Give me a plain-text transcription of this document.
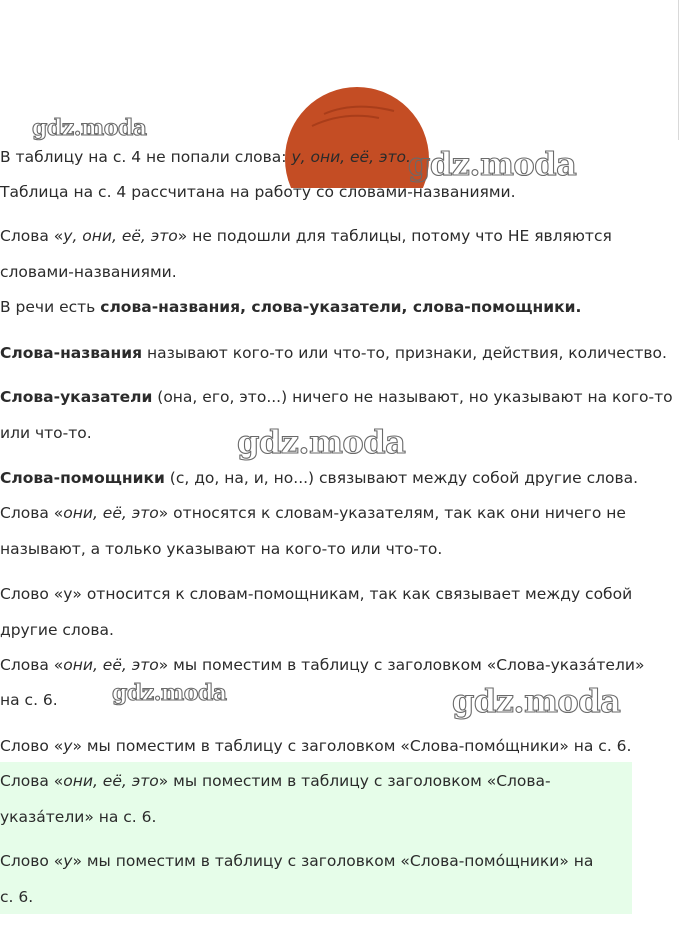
gdz.moda
gdz.moda
gdz.moda
gdz.moda	gdz.moda

В таблицу на с. 4 не попали слова: у, они, её, это.

Таблица на с. 4 рассчитана на работу со словами-названиями.

Слова «у, они, её, это» не подошли для таблицы, потому что НЕ являются

словами-названиями.

В речи есть слова-названия, слова-указатели, слова-помощники.

Слова-названия называют кого-то или что-то, признаки, действия, количество.

Слова-указатели (она, его, это...) ничего не называют, но указывают на кого-то

или что-то.

Слова-помощники (с, до, на, и, но...) связывают между собой другие слова.

Слова «они, её, это» относятся к словам-указателям, так как они ничего не

называют, а только указывают на кого-то или что-то.

Слово «у» относится к словам-помощникам, так как связывает между собой

другие слова.

Слова «они, её, это» мы поместим в таблицу с заголовком «Слова-указа́тели»

на с. 6.

Слово «у» мы поместим в таблицу с заголовком «Слова-помо́щники» на с. 6.

Слова «они, её, это» мы поместим в таблицу с заголовком «Слова-

указа́тели» на с. 6.

Слово «у» мы поместим в таблицу с заголовком «Слова-помо́щники» на

с. 6.
